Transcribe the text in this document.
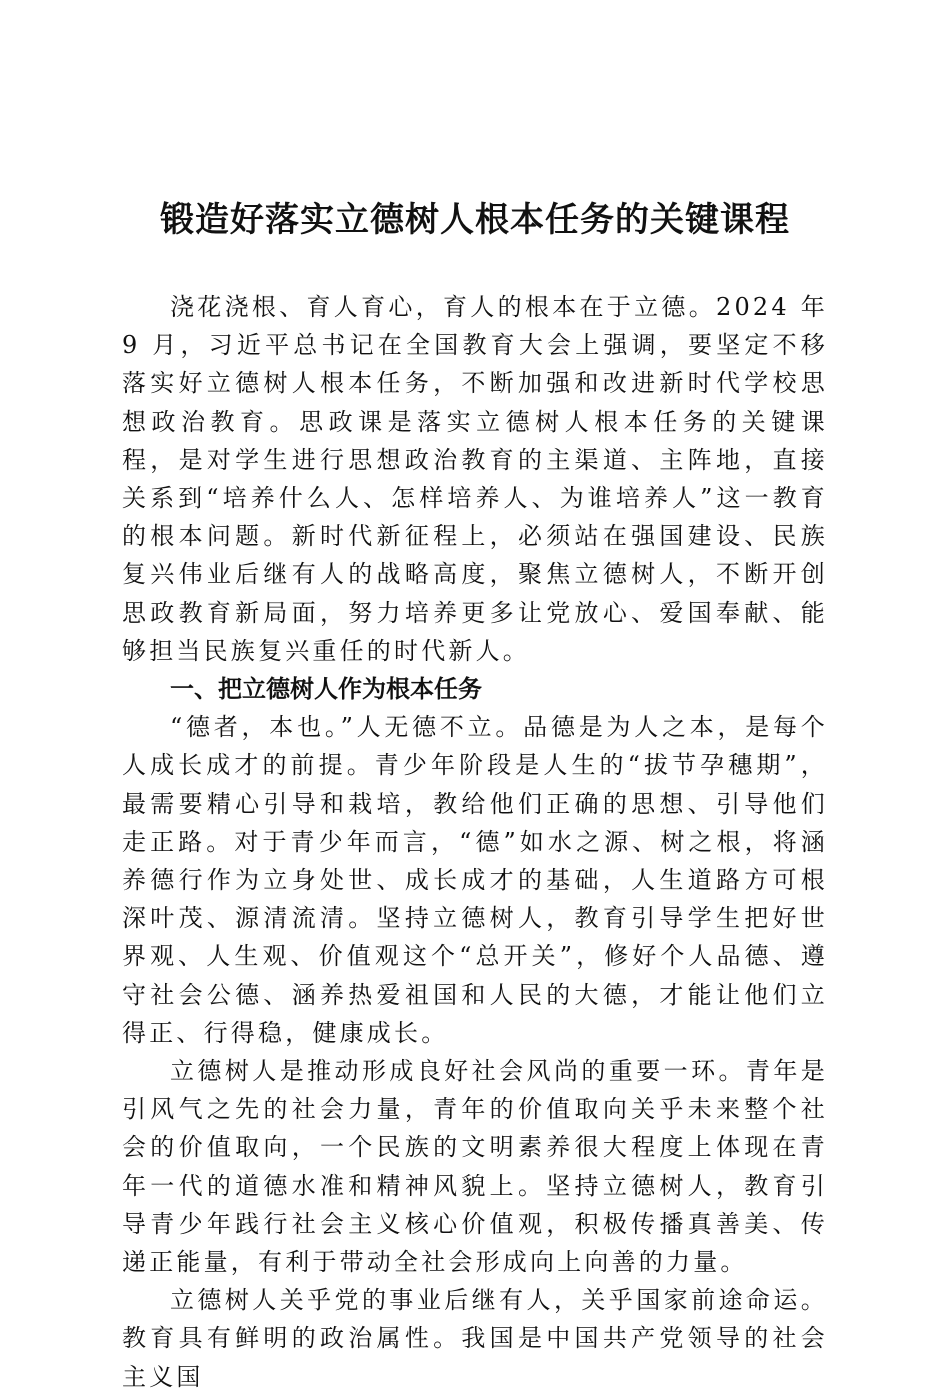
锻造好落实立德树人根本任务的关键课程

浇花浇根、育人育心，育人的根本在于立德。2024 年 9 月，习近平总书记在全国教育大会上强调，要坚定不移落实好立德树人根本任务，不断加强和改进新时代学校思想政治教育。思政课是落实立德树人根本任务的关键课程，是对学生进行思想政治教育的主渠道、主阵地，直接关系到“培养什么人、怎样培养人、为谁培养人”这一教育的根本问题。新时代新征程上，必须站在强国建设、民族复兴伟业后继有人的战略高度，聚焦立德树人，不断开创思政教育新局面，努力培养更多让党放心、爱国奉献、能够担当民族复兴重任的时代新人。

一、把立德树人作为根本任务

“德者，本也。”人无德不立。品德是为人之本，是每个人成长成才的前提。青少年阶段是人生的“拔节孕穗期”，最需要精心引导和栽培，教给他们正确的思想、引导他们走正路。对于青少年而言，“德”如水之源、树之根，将涵养德行作为立身处世、成长成才的基础，人生道路方可根深叶茂、源清流清。坚持立德树人，教育引导学生把好世界观、人生观、价值观这个“总开关”，修好个人品德、遵守社会公德、涵养热爱祖国和人民的大德，才能让他们立得正、行得稳，健康成长。

立德树人是推动形成良好社会风尚的重要一环。青年是引风气之先的社会力量，青年的价值取向关乎未来整个社会的价值取向，一个民族的文明素养很大程度上体现在青年一代的道德水准和精神风貌上。坚持立德树人，教育引导青少年践行社会主义核心价值观，积极传播真善美、传递正能量，有利于带动全社会形成向上向善的力量。

立德树人关乎党的事业后继有人，关乎国家前途命运。教育具有鲜明的政治属性。我国是中国共产党领导的社会主义国
